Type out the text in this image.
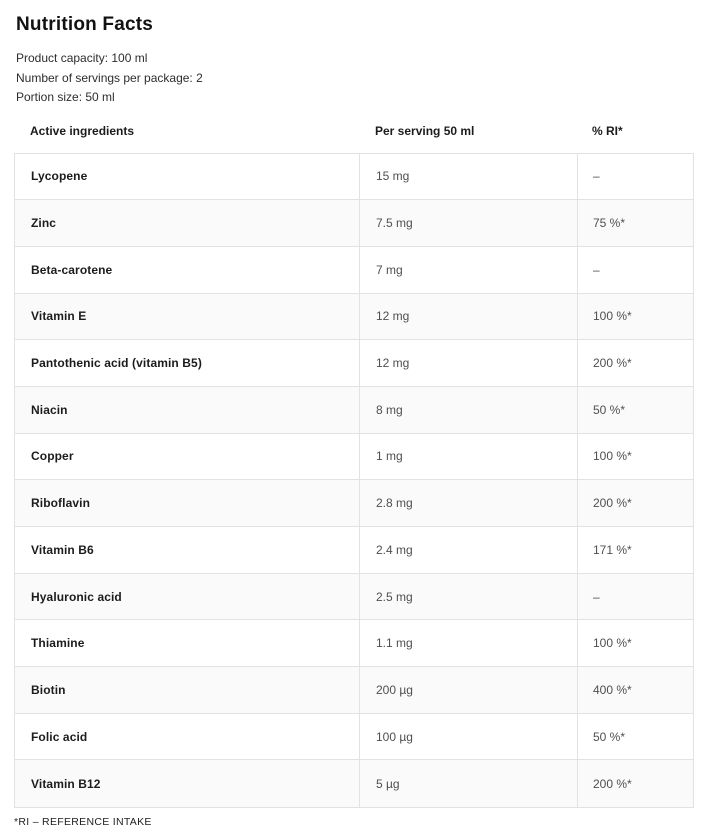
Nutrition Facts
Product capacity: 100 ml
Number of servings per package: 2
Portion size: 50 ml
Active ingredients	Per serving 50 ml	% RI*
Lycopene	15 mg	–
Zinc	7.5 mg	75 %*
Beta-carotene	7 mg	–
Vitamin E	12 mg	100 %*
Pantothenic acid (vitamin B5)	12 mg	200 %*
Niacin	8 mg	50 %*
Copper	1 mg	100 %*
Riboflavin	2.8 mg	200 %*
Vitamin B6	2.4 mg	171 %*
Hyaluronic acid	2.5 mg	–
Thiamine	1.1 mg	100 %*
Biotin	200 µg	400 %*
Folic acid	100 µg	50 %*
Vitamin B12	5 µg	200 %*
*RI – REFERENCE INTAKE
